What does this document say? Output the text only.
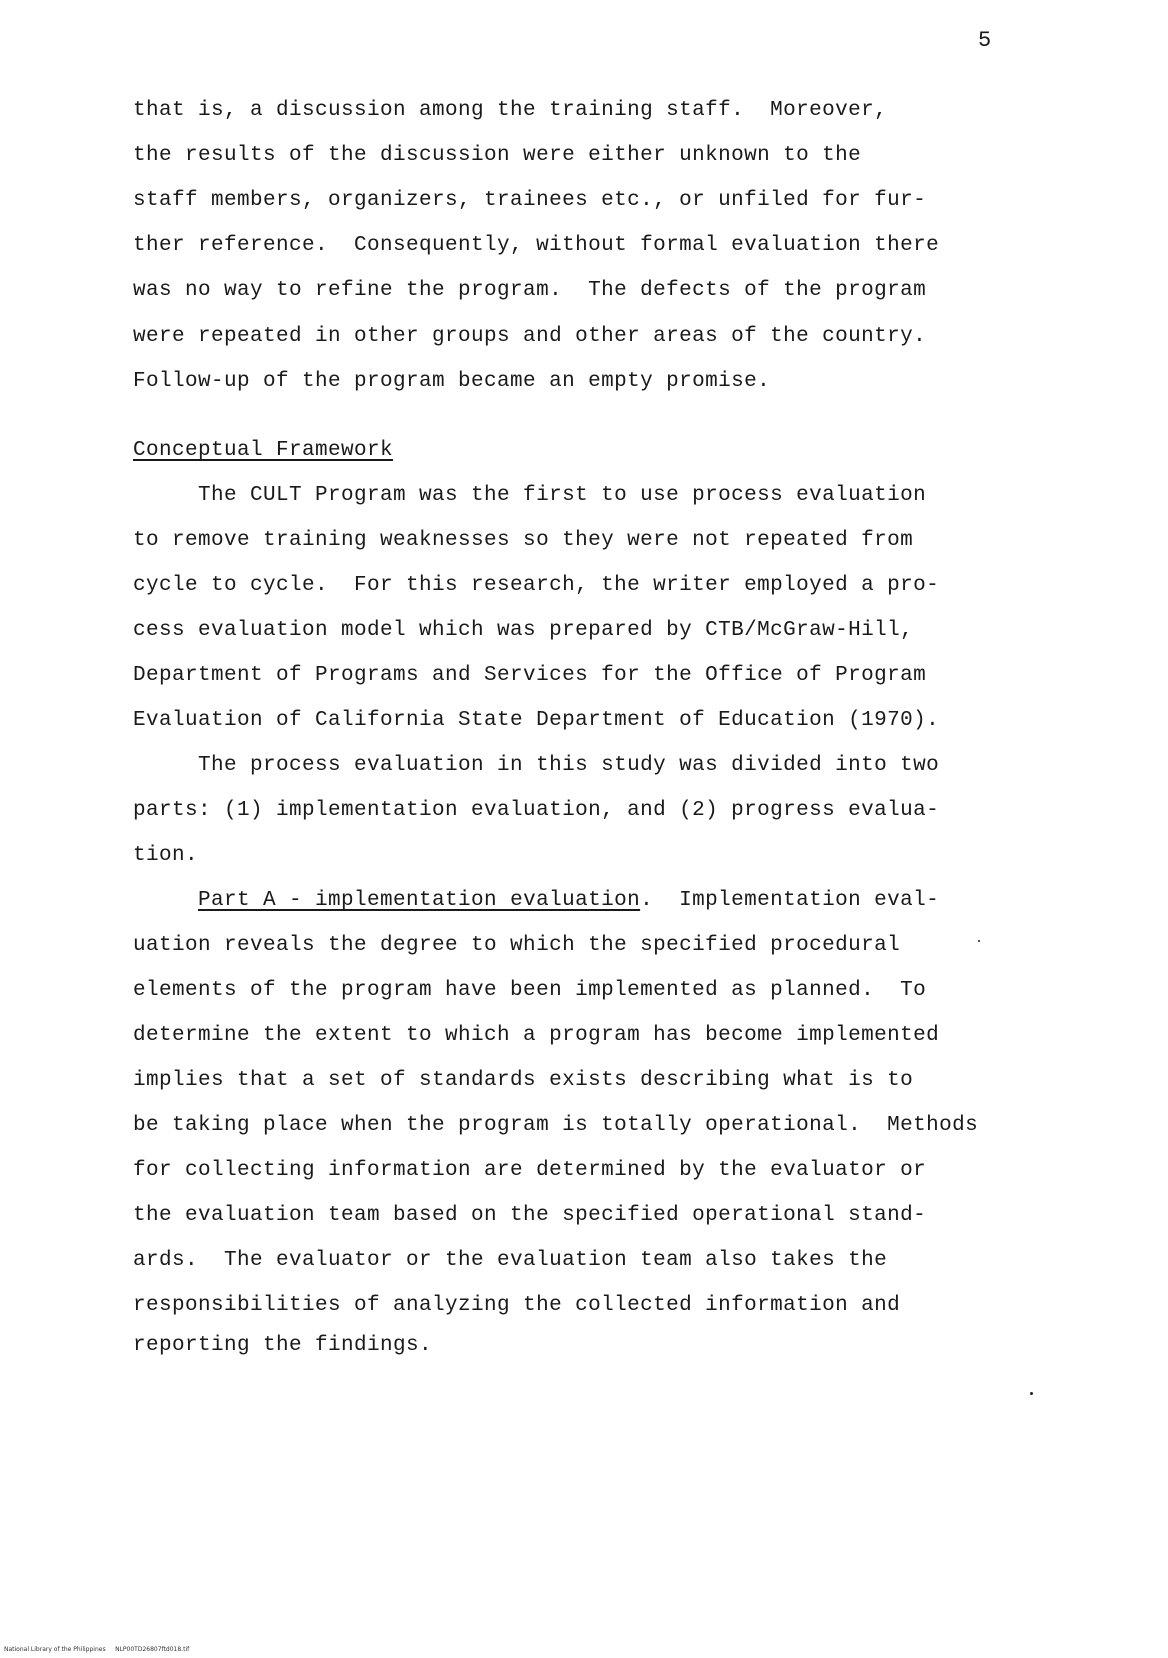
5
that is, a discussion among the training staff.  Moreover,
the results of the discussion were either unknown to the
staff members, organizers, trainees etc., or unfiled for fur-
ther reference.  Consequently, without formal evaluation there
was no way to refine the program.  The defects of the program
were repeated in other groups and other areas of the country.
Follow-up of the program became an empty promise.
Conceptual Framework
The CULT Program was the first to use process evaluation
to remove training weaknesses so they were not repeated from
cycle to cycle.  For this research, the writer employed a pro-
cess evaluation model which was prepared by CTB/McGraw-Hill,
Department of Programs and Services for the Office of Program
Evaluation of California State Department of Education (1970).
The process evaluation in this study was divided into two
parts: (1) implementation evaluation, and (2) progress evalua-
tion.
Part A - implementation evaluation.  Implementation eval-
uation reveals the degree to which the specified procedural
elements of the program have been implemented as planned.  To
determine the extent to which a program has become implemented
implies that a set of standards exists describing what is to
be taking place when the program is totally operational.  Methods
for collecting information are determined by the evaluator or
the evaluation team based on the specified operational stand-
ards.  The evaluator or the evaluation team also takes the
responsibilities of analyzing the collected information and
reporting the findings.
National Library of the Philippines     NLP00TD26807ftd018.tif
